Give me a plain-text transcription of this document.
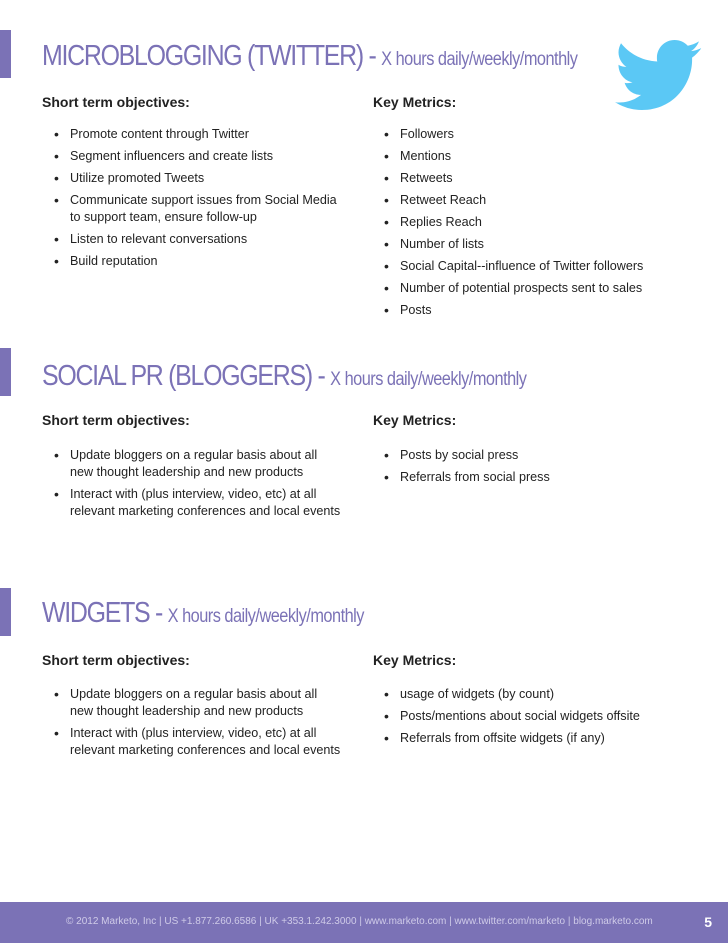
MICROBLOGGING (TWITTER) - X hours daily/weekly/monthly
Short term objectives:	Key Metrics:
• Promote content through Twitter
• Segment influencers and create lists
• Utilize promoted Tweets
• Communicate support issues from Social Media to support team, ensure follow-up
• Listen to relevant conversations
• Build reputation
• Followers
• Mentions
• Retweets
• Retweet Reach
• Replies Reach
• Number of lists
• Social Capital--influence of Twitter followers
• Number of potential prospects sent to sales
• Posts
SOCIAL PR (BLOGGERS) - X hours daily/weekly/monthly
Short term objectives:	Key Metrics:
• Update bloggers on a regular basis about all new thought leadership and new products
• Interact with (plus interview, video, etc) at all relevant marketing conferences and local events
• Posts by social press
• Referrals from social press
WIDGETS - X hours daily/weekly/monthly
Short term objectives:	Key Metrics:
• Update bloggers on a regular basis about all new thought leadership and new products
• Interact with (plus interview, video, etc) at all relevant marketing conferences and local events
• usage of widgets (by count)
• Posts/mentions about social widgets offsite
• Referrals from offsite widgets (if any)
© 2012 Marketo, Inc | US +1.877.260.6586 | UK +353.1.242.3000 | www.marketo.com | www.twitter.com/marketo | blog.marketo.com	5
